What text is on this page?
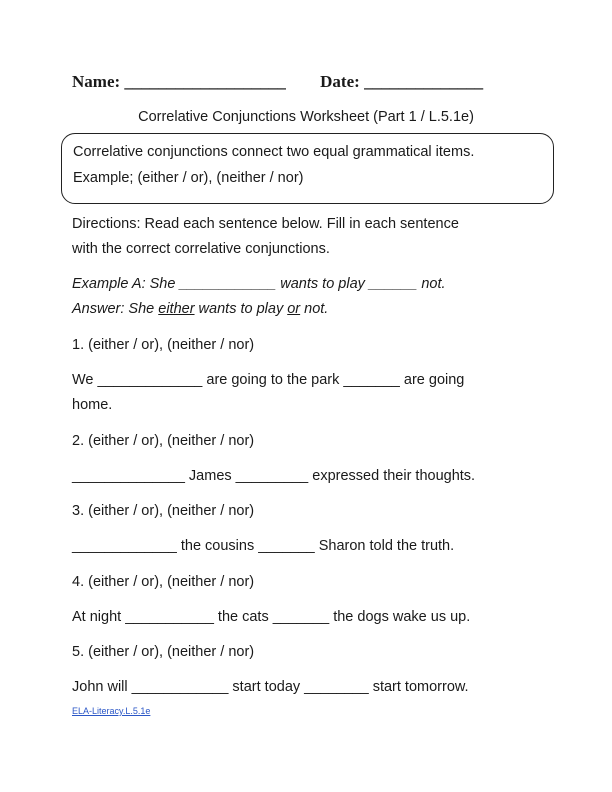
Name: ___________________ Date: ______________
Correlative Conjunctions Worksheet (Part 1 / L.5.1e)
Correlative conjunctions connect two equal grammatical items.
Example; (either / or), (neither / nor)
Directions: Read each sentence below. Fill in each sentence
with the correct correlative conjunctions.
Example A: She ____________ wants to play ______ not.
Answer: She either wants to play or not.
1. (either / or), (neither / nor)
We _____________ are going to the park _______ are going
home.
2. (either / or), (neither / nor)
______________ James _________ expressed their thoughts.
3. (either / or), (neither / nor)
_____________ the cousins _______ Sharon told the truth.
4. (either / or), (neither / nor)
At night ___________ the cats _______ the dogs wake us up.
5. (either / or), (neither / nor)
John will ____________ start today ________ start tomorrow.
ELA-Literacy.L.5.1e
